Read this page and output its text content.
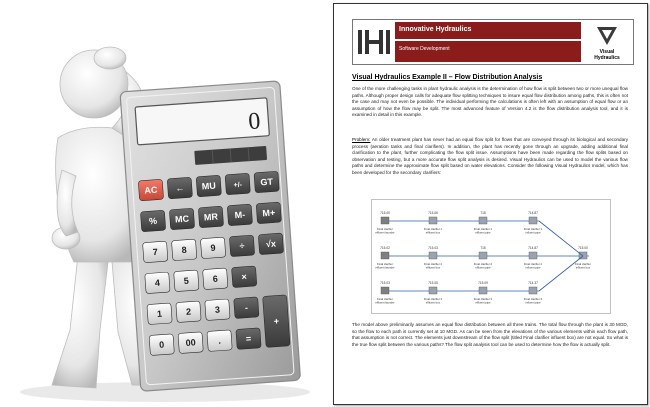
0
AC ← MU +/- GT
% MC MR M- M+
7	8	9	÷ √x
4	5	6	×
1	2	3	-
+
0 00 .	=
Innovative Hydraulics
Software Development	Visual
Hydraulics
Visual Hydraulics Example II – Flow Distribution Analysis
One of the more challenging tasks in plant hydraulic analysis is the determination of how flow is split between two or more unequal flow paths. Although proper design calls for adequate flow splitting techniques to insure equal flow distribution among paths, this is often not the case and may not even be possible. The individual performing the calculations is often left with an assumption of equal flow or an assumption of how the flow may be split. The most advanced feature of Version 4.2 is the flow distribution analysis tool, and it is examined in detail in this example.
Problem: An older treatment plant has never had an equal flow split for flows that are conveyed through its biological and secondary process (aeration tanks and final clarifiers). In addition, the plant has recently gone through an upgrade, adding additional final clarification to the plant, further complicating the flow split issue. Assumptions have been made regarding the flow splits based on observation and testing, but a more accurate flow split analysis is desired. Visual Hydraulics can be used to model the various flow paths and determine the approximate flow split based on water elevations. Consider the following Visual Hydraulics model, which has been developed for the secondary clarifiers:
715.00
Final clarifier
effluent launder
715.06
Final clarifier 1
effluent box
715
Final clarifier 1
effluent pipe
714.87
Final clarifier 1
influent pipe
715.02
Final clarifier
effluent launder
715.03
Final clarifier 2
effluent box
715
Final clarifier 2
effluent pipe
714.87
Final clarifier 2
influent pipe
715.00
Final clarifier
influent box
715.03
Final clarifier
effluent launder
715.05
Final clarifier 3
effluent box
715.09
Final clarifier 3
effluent pipe
714.37
Final clarifier 3
influent pipe
The model above preliminarily assumes an equal flow distribution between all three trains. The total flow through the plant is 30 MGD, so the flow to each path is currently set at 10 MGD. As can be seen from the elevations of the various elements within each flow path, that assumption is not correct. The elements just downstream of the flow split (titled Final clarifier influent box) are not equal. So what is the true flow split between the various paths? The flow split analysis tool can be used to determine how the flow is actually split.
